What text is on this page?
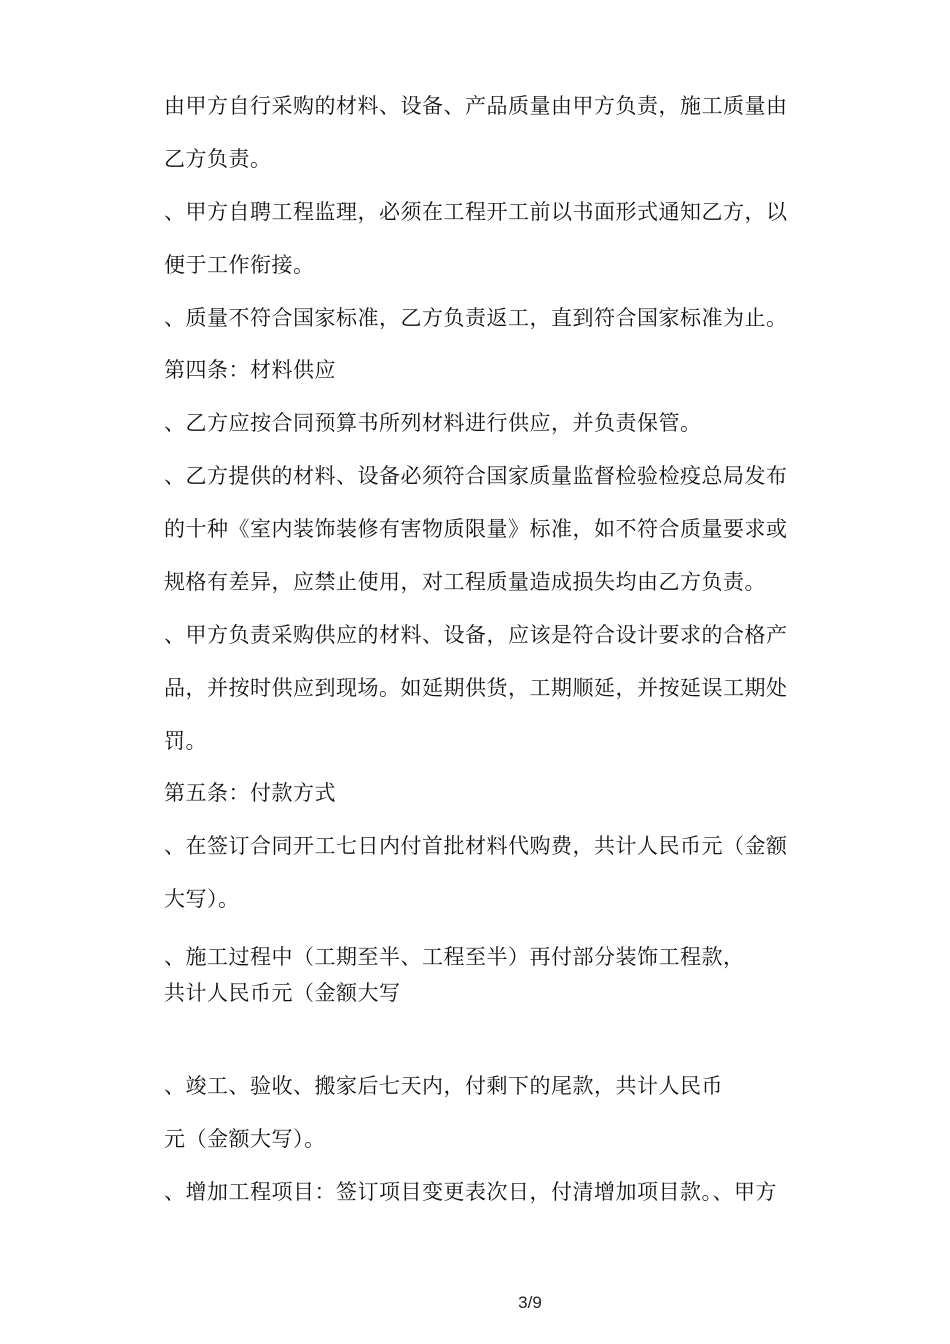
由甲方自行采购的材料、设备、产品质量由甲方负责，施工质量由
乙方负责。
、甲方自聘工程监理，必须在工程开工前以书面形式通知乙方，以
便于工作衔接。
、质量不符合国家标准，乙方负责返工，直到符合国家标准为止。
第四条：材料供应
、乙方应按合同预算书所列材料进行供应，并负责保管。
、乙方提供的材料、设备必须符合国家质量监督检验检疫总局发布
的十种《室内装饰装修有害物质限量》标准，如不符合质量要求或
规格有差异，应禁止使用，对工程质量造成损失均由乙方负责。
、甲方负责采购供应的材料、设备，应该是符合设计要求的合格产
品，并按时供应到现场。如延期供货，工期顺延，并按延误工期处
罚。
第五条：付款方式
、在签订合同开工七日内付首批材料代购费，共计人民币元（金额
大写）。
、施工过程中（工期至半、工程至半）再付部分装饰工程款，
共计人民币元（金额大写
、竣工、验收、搬家后七天内，付剩下的尾款，共计人民币
元（金额大写）。
、增加工程项目：签订项目变更表次日，付清增加项目款。、甲方
3/9
